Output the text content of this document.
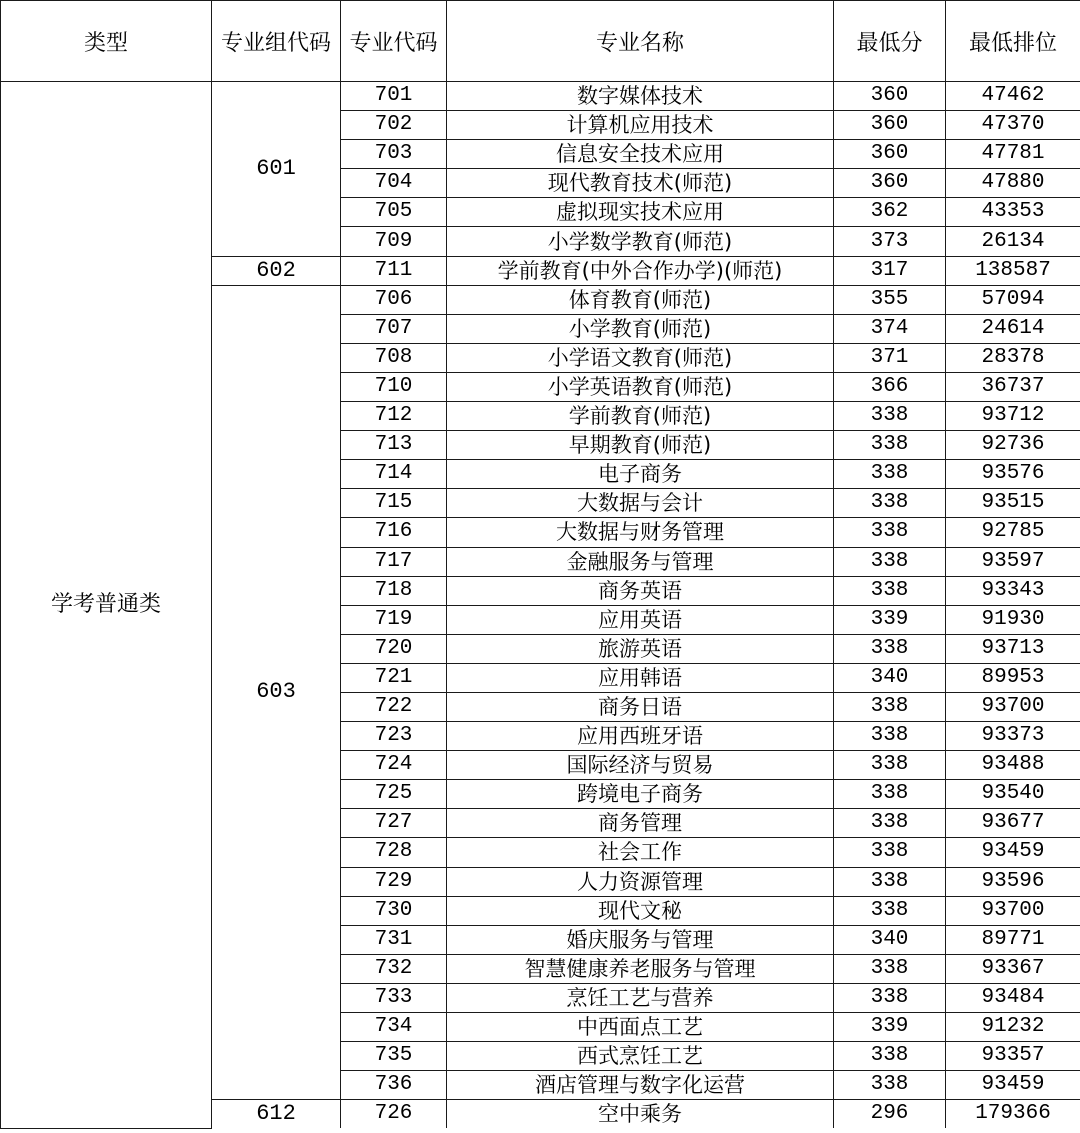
类型	专业组代码	专业代码	专业名称	最低分	最低排位
学考普通类	601	701	数字媒体技术	360	47462
		702	计算机应用技术	360	47370
		703	信息安全技术应用	360	47781
		704	现代教育技术(师范)	360	47880
		705	虚拟现实技术应用	362	43353
		709	小学数学教育(师范)	373	26134
	602	711	学前教育(中外合作办学)(师范)	317	138587
	603	706	体育教育(师范)	355	57094
		707	小学教育(师范)	374	24614
		708	小学语文教育(师范)	371	28378
		710	小学英语教育(师范)	366	36737
		712	学前教育(师范)	338	93712
		713	早期教育(师范)	338	92736
		714	电子商务	338	93576
		715	大数据与会计	338	93515
		716	大数据与财务管理	338	92785
		717	金融服务与管理	338	93597
		718	商务英语	338	93343
		719	应用英语	339	91930
		720	旅游英语	338	93713
		721	应用韩语	340	89953
		722	商务日语	338	93700
		723	应用西班牙语	338	93373
		724	国际经济与贸易	338	93488
		725	跨境电子商务	338	93540
		727	商务管理	338	93677
		728	社会工作	338	93459
		729	人力资源管理	338	93596
		730	现代文秘	338	93700
		731	婚庆服务与管理	340	89771
		732	智慧健康养老服务与管理	338	93367
		733	烹饪工艺与营养	338	93484
		734	中西面点工艺	339	91232
		735	西式烹饪工艺	338	93357
		736	酒店管理与数字化运营	338	93459
	612	726	空中乘务	296	179366
